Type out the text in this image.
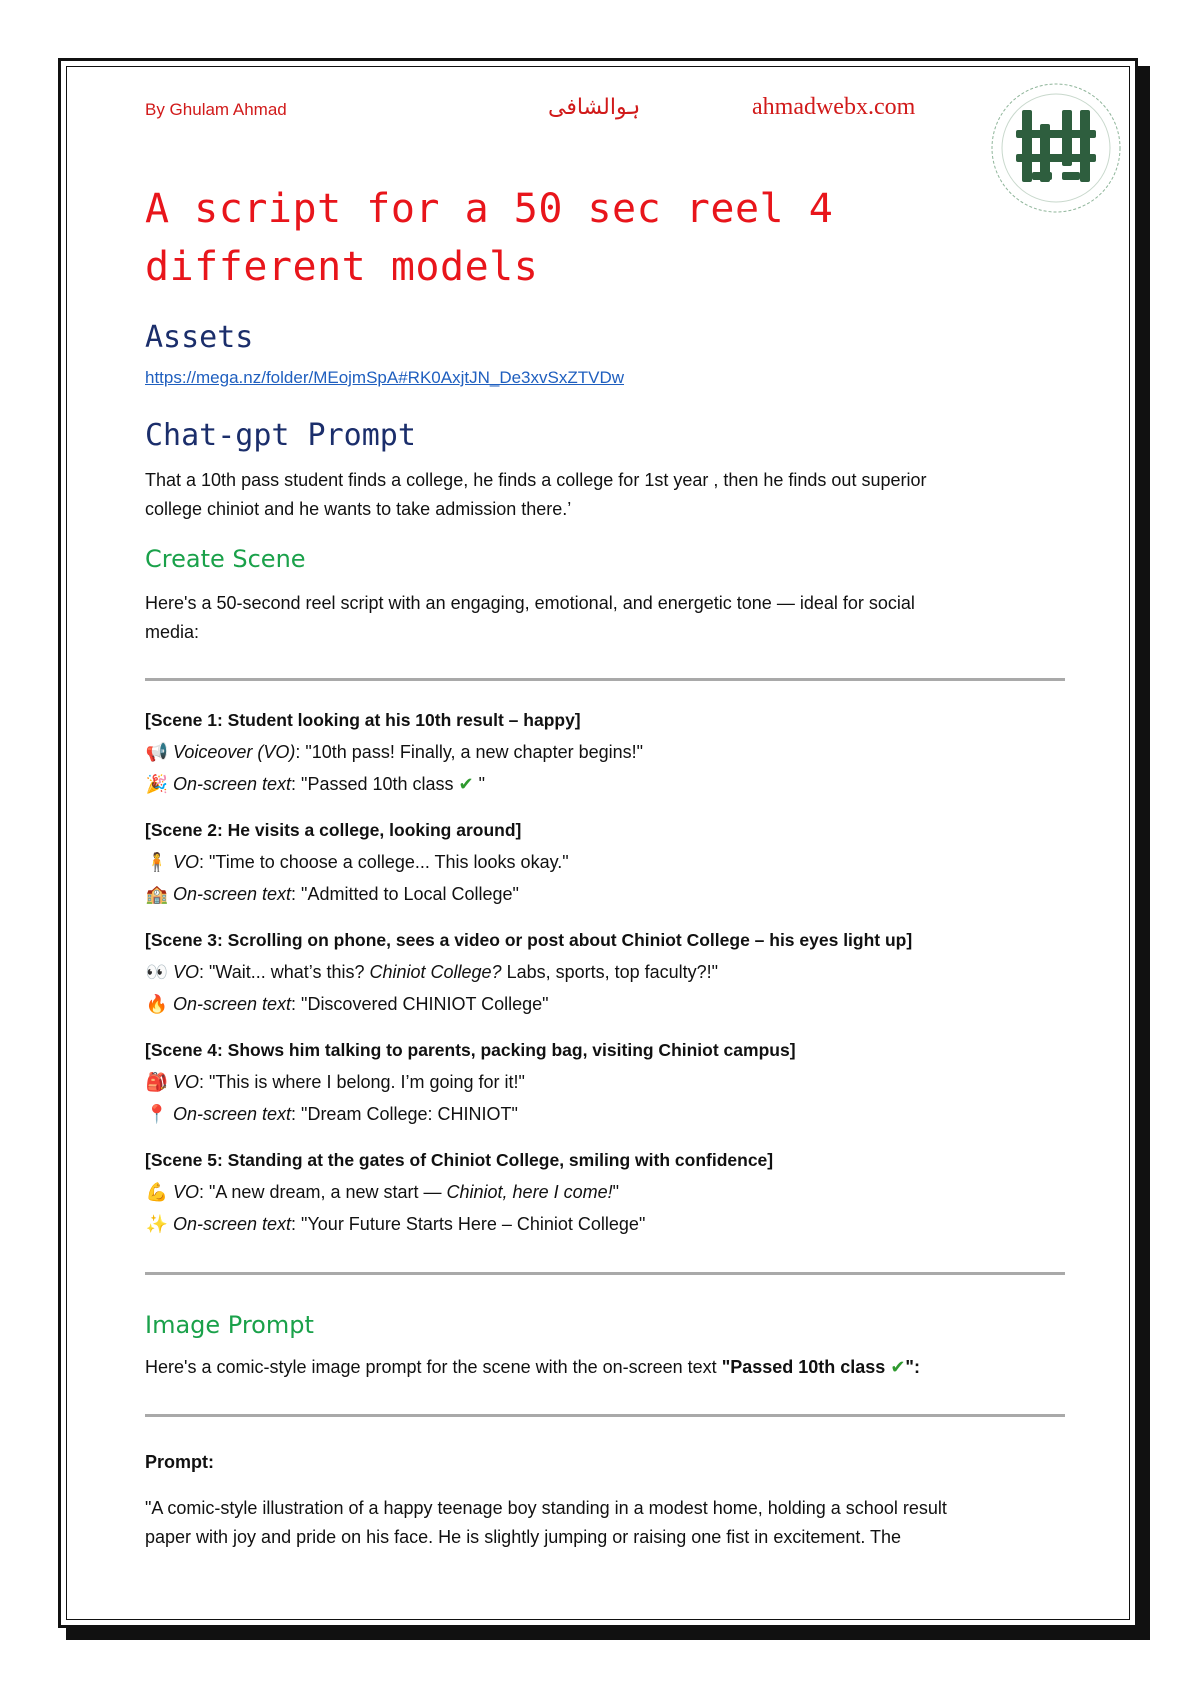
By Ghulam Ahmad	ہوالشافی	ahmadwebx.com
A script for a 50 sec reel 4
different models
Assets
https://mega.nz/folder/MEojmSpA#RK0AxjtJN_De3xvSxZTVDw
Chat-gpt Prompt

That a 10th pass student finds a college, he finds a college for 1st year , then he finds out superior
college chiniot and he wants to take admission there.’

Create Scene

Here's a 50-second reel script with an engaging, emotional, and energetic tone — ideal for social
media:

[Scene 1: Student looking at his 10th result – happy]
📢 Voiceover (VO): "10th pass! Finally, a new chapter begins!"
🎉 On-screen text: "Passed 10th class ✔ "
[Scene 2: He visits a college, looking around]
🧍 VO: "Time to choose a college... This looks okay."
🏫 On-screen text: "Admitted to Local College"
[Scene 3: Scrolling on phone, sees a video or post about Chiniot College – his eyes light up]
👀 VO: "Wait... what’s this? Chiniot College? Labs, sports, top faculty?!"
🔥 On-screen text: "Discovered CHINIOT College"
[Scene 4: Shows him talking to parents, packing bag, visiting Chiniot campus]
🎒 VO: "This is where I belong. I’m going for it!"
📍 On-screen text: "Dream College: CHINIOT"
[Scene 5: Standing at the gates of Chiniot College, smiling with confidence]
💪 VO: "A new dream, a new start — Chiniot, here I come!"
✨ On-screen text: "Your Future Starts Here – Chiniot College"
Image Prompt
Here's a comic-style image prompt for the scene with the on-screen text "Passed 10th class ✔":
Prompt:

"A comic-style illustration of a happy teenage boy standing in a modest home, holding a school result
paper with joy and pride on his face. He is slightly jumping or raising one fist in excitement. The
